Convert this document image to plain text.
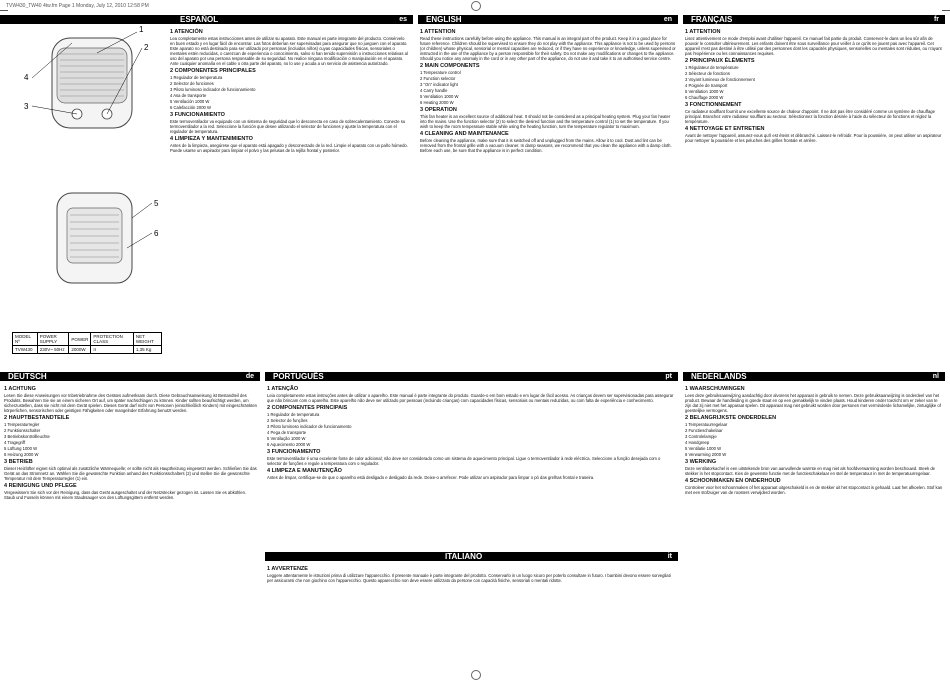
TVW430_TW40 4tw.fm Page 1 Monday, July 12, 2010 12:58 PM
ESPAÑOL	es ENGLISH	en FRANÇAIS	fr
1
2
3
4
5
6
MODEL Nº	POWER SUPPLY	POWER	PROTECTION CLASS	NET WEIGHT
TVW430	230V~ 50Hz	2000W	II	1,35 Kg
1 ATENCIÓN

Lea completamente estas instrucciones antes de utilizar su aparato. Este manual es parte integrante del producto. Consérvelo en buen estado y en lugar fácil de encontrar. Las fotos deberían ser supervisadas para asegurar que no jueguen con el aparato. Este aparato no está destinado para ser utilizado por personas (incluidos niños) cuyas capacidades físicas, sensoriales o mentales estén reducidas, o carezcan de experiencia o conocimiento, salvo si han tenido supervisión o instrucciones relativas al uso del aparato por una persona responsable de su seguridad. No realice ninguna modificación o manipulación en el aparato. Ante cualquier anomalía en el cable o otra parte del aparato, no lo use y acuda a un servicio de asistencia autorizado.

2 COMPONENTES PRINCIPALES

1 Regulador de temperatura

2 Selector de funciones

3 Piloto luminoso indicador de funcionamiento

4 Asa de transporte

5 Ventilación 1000 W

6 Calefacción 2000 W

3 FUNCIONAMIENTO

Este termoventilador va equipado con un sistema de seguridad que lo desconecta en caso de sobrecalentamiento. Conecte su termoventilador a la red. Seleccione la función que desee utilizando el selector de funciones y ajuste la temperatura con el regulador de temperatura.

4 LIMPIEZA Y MANTENIMIENTO

Antes de la limpieza, asegúrese que el aparato está apagado y desconectado de la red. Limpie el aparato con un paño húmedo. Puede usarse un aspirador para limpiar el polvo y las pelusas de la rejilla frontal y posterior.

1 ATTENTION

Read these instructions carefully before using the appliance. This manual is an integral part of the product. Keep it in a good place for future reference. Children should be supervised to ensure they do not play with the appliance. This appliance is not to be used by persons (or children) whose physical, sensorial or mental capacities are reduced, or if they have no experience or knowledge, unless supervised or instructed in the use of the appliance by a person responsible for their safety. Do not make any modifications or changes to the appliance. Should you notice any anomaly in the cord or in any other part of the appliance, do not use it and take it to an authorised service centre.

2 MAIN COMPONENTS

1 Temperature control

2 Function selector

3 "On" indicator light

4 Carry handle

5 Ventilation 1000 W

6 Heating 2000 W

3 OPERATION

This fan heater is an excellent source of additional heat. It should not be considered as a principal heating system. Plug your fan heater into the mains. Use the function selector (2) to select the desired function and the temperature control (1) to set the temperature. If you wish to keep the room temperature stable while using the heating function, turn the temperature regulator to maximum.

4 CLEANING AND MAINTENANCE

Before cleaning the appliance, make sure that it is switched off and unplugged from the mains. Allow it to cool. Dust and lint can be removed from the frontal grille with a vacuum cleaner. In damp seasons, we recommend that you clean the appliance with a damp cloth. Before each use, be sure that the appliance is in perfect condition.

1 ATTENTION

Lisez attentivement ce mode d'emploi avant d'utiliser l'appareil. Ce manuel fait partie du produit. Conservez-le dans un lieu sûr afin de pouvoir le consulter ultérieurement. Les enfants doivent être sous surveillance pour veiller à ce qu'ils ne jouent pas avec l'appareil. Cet appareil n'est pas destiné à être utilisé par des personnes dont les capacités physiques, sensorielles ou mentales sont réduites, ou n'ayant pas l'expérience ou les connaissances requises.

2 PRINCIPAUX ÉLÉMENTS

1 Régulateur de température

2 Sélecteur de fonctions

3 Voyant lumineux de fonctionnement

4 Poignée de transport

5 Ventilation 1000 W

6 Chauffage 2000 W

3 FONCTIONNEMENT

Ce radiateur soufflant fournit une excellente source de chaleur d'appoint. Il ne doit pas être considéré comme un système de chauffage principal. Branchez votre radiateur soufflant au secteur. Sélectionnez la fonction désirée à l'aide du sélecteur de fonctions et réglez la température.

4 NETTOYAGE ET ENTRETIEN

Avant de nettoyer l'appareil, assurez-vous qu'il est éteint et débranché. Laissez-le refroidir. Pour la poussière, on peut utiliser un aspirateur pour nettoyer la poussière et les peluches des grilles frontale et arrière.

DEUTSCH	de PORTUGUÊS	pt NEDERLANDS	nl
1 ACHTUNG

Lesen Sie diese Anweisungen vor Inbetriebnahme des Gerätes aufmerksam durch. Diese Gebrauchsanweisung ist Bestandteil des Produkts. Bewahren Sie sie an einem sicheren Ort auf, um später nachschlagen zu können. Kinder sollten beaufsichtigt werden, um sicherzustellen, dass sie nicht mit dem Gerät spielen. Dieses Gerät darf nicht von Personen (einschließlich Kindern) mit eingeschränkten körperlichen, sensorischen oder geistigen Fähigkeiten oder mangelnder Erfahrung benutzt werden.

2 HAUPTBESTANDTEILE

1 Temperaturregler

2 Funktionsschalter

3 Betriebskontrollleuchte

4 Tragegriff

5 Lüftung 1000 W

6 Heizung 2000 W

3 BETRIEB

Dieser Heizlüfter eignet sich optimal als zusätzliche Wärmequelle; er sollte nicht als Hauptheizung eingesetzt werden. Schließen Sie das Gerät an das Stromnetz an. Wählen Sie die gewünschte Funktion anhand des Funktionsschalters (2) und stellen Sie die gewünschte Temperatur mit dem Temperaturregler (1) ein.

4 REINIGUNG UND PFLEGE

Vergewissern Sie sich vor der Reinigung, dass das Gerät ausgeschaltet und der Netzstecker gezogen ist. Lassen Sie es abkühlen. Staub und Fusseln können mit einem Staubsauger von den Lüftungsgittern entfernt werden.

1 ATENÇÃO

Leia completamente estas instruções antes de utilizar o aparelho. Este manual é parte integrante do produto. Guarde-o em bom estado e em lugar de fácil acesso. As crianças devem ser supervisionadas para assegurar que não brincam com o aparelho. Este aparelho não deve ser utilizado por pessoas (incluindo crianças) com capacidades físicas, sensoriais ou mentais reduzidas, ou com falta de experiência e conhecimento.

2 COMPONENTES PRINCIPAIS

1 Regulador de temperatura

2 Selector de funções

3 Piloto luminoso indicador de funcionamento

4 Pega de transporte

5 Ventilação 1000 W

6 Aquecimento 2000 W

3 FUNCIONAMENTO

Este termoventilador é uma excelente fonte de calor adicional; não deve ser considerado como um sistema de aquecimento principal. Ligue o termoventilador à rede eléctrica. Seleccione a função desejada com o selector de funções e regule a temperatura com o regulador.

4 LIMPEZA E MANUTENÇÃO

Antes de limpar, certifique-se de que o aparelho está desligado e desligado da rede. Deixe-o arrefecer. Pode utilizar um aspirador para limpar o pó das grelhas frontal e traseira.

ITALIANO	it
1 AVVERTENZE

Leggere attentamente le istruzioni prima di utilizzare l'apparecchio. Il presente manuale è parte integrante del prodotto. Conservarlo in un luogo sicuro per poterlo consultare in futuro. I bambini devono essere sorvegliati per assicurarsi che non giochino con l'apparecchio. Questo apparecchio non deve essere utilizzato da persone con capacità fisiche, sensoriali o mentali ridotte.

1 WAARSCHUWINGEN

Lees deze gebruiksaanwijzing aandachtig door alvorens het apparaat in gebruik te nemen. Deze gebruiksaanwijzing is onderdeel van het product. Bewaar de handleiding in goede staat en op een gemakkelijk te vinden plaats. Houd kinderen onder toezicht om er zeker van te zijn dat zij niet met het apparaat spelen. Dit apparaat mag niet gebruikt worden door personen met verminderde lichamelijke, zintuiglijke of geestelijke vermogens.

2 BELANGRIJKSTE ONDERDELEN

1 Temperatuurregelaar

2 Functieschakelaar

3 Controlelampje

4 Handgreep

5 Ventilatie 1000 W

6 Verwarming 2000 W

3 WERKING

Deze ventilatorkachel is een uitstekende bron van aanvullende warmte en mag niet als hoofdverwarming worden beschouwd. Steek de stekker in het stopcontact. Kies de gewenste functie met de functieschakelaar en stel de temperatuur in met de temperatuurregelaar.

4 SCHOONMAKEN EN ONDERHOUD

Controleer voor het schoonmaken of het apparaat uitgeschakeld is en de stekker uit het stopcontact is gehaald. Laat het afkoelen. Stof kan met een stofzuiger van de roosters verwijderd worden.
